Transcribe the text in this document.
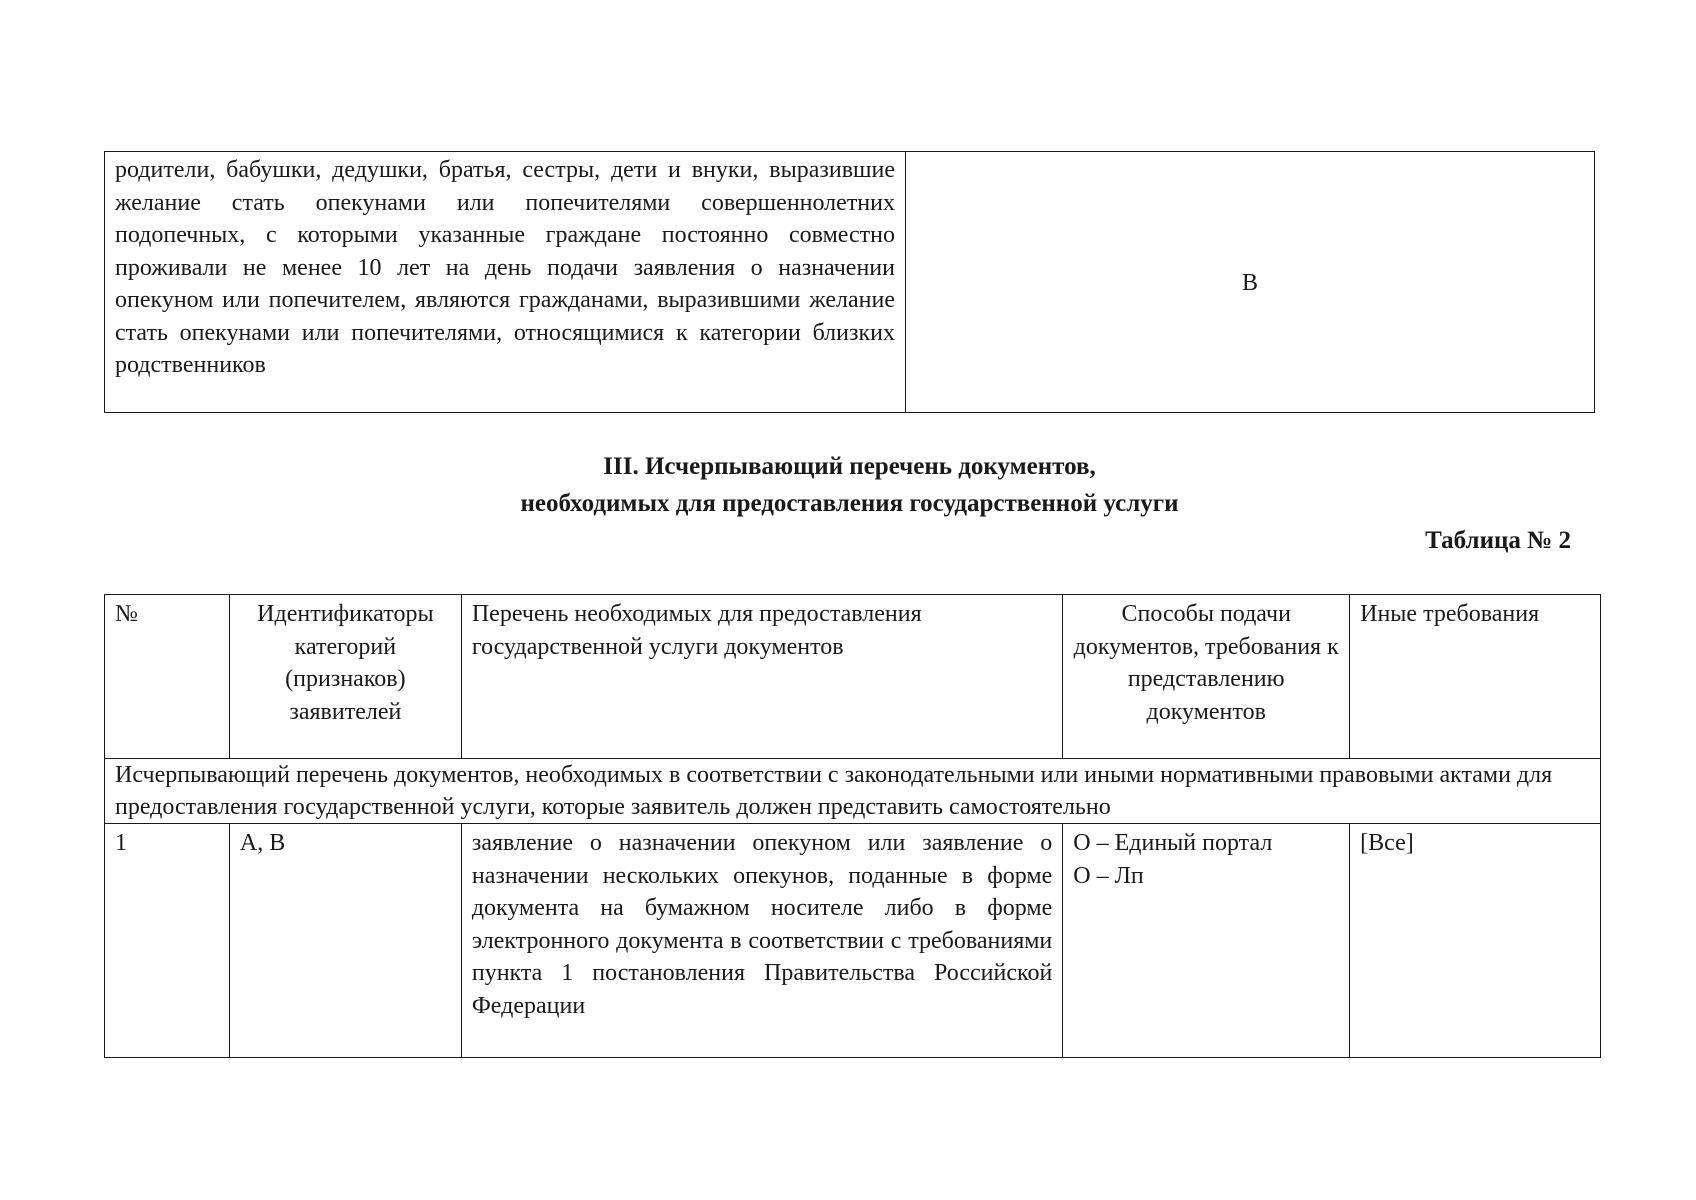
родители, бабушки, дедушки, братья, сестры, дети и внуки, выразившие желание стать опекунами или попечителями совершеннолетних подопечных, с которыми указанные граждане постоянно совместно проживали не менее 10 лет на день подачи заявления о назначении опекуном или попечителем, являются гражданами, выразившими желание стать опекунами или попечителями, относящимися к категории близких родственников	В
III. Исчерпывающий перечень документов,
необходимых для предоставления государственной услуги
Таблица № 2
№	Идентификаторы категорий (признаков) заявителей	Перечень необходимых для предоставления государственной услуги документов	Способы подачи документов, требования к представлению документов	Иные требования
Исчерпывающий перечень документов, необходимых в соответствии с законодательными или иными нормативными правовыми актами для предоставления государственной услуги, которые заявитель должен представить самостоятельно				
1	А, В	заявление о назначении опекуном или заявление о назначении нескольких опекунов, поданные в форме документа на бумажном носителе либо в форме электронного документа в соответствии с требованиями пункта 1 постановления Правительства Российской Федерации	О – Единый портал
О – Лп	[Все]
